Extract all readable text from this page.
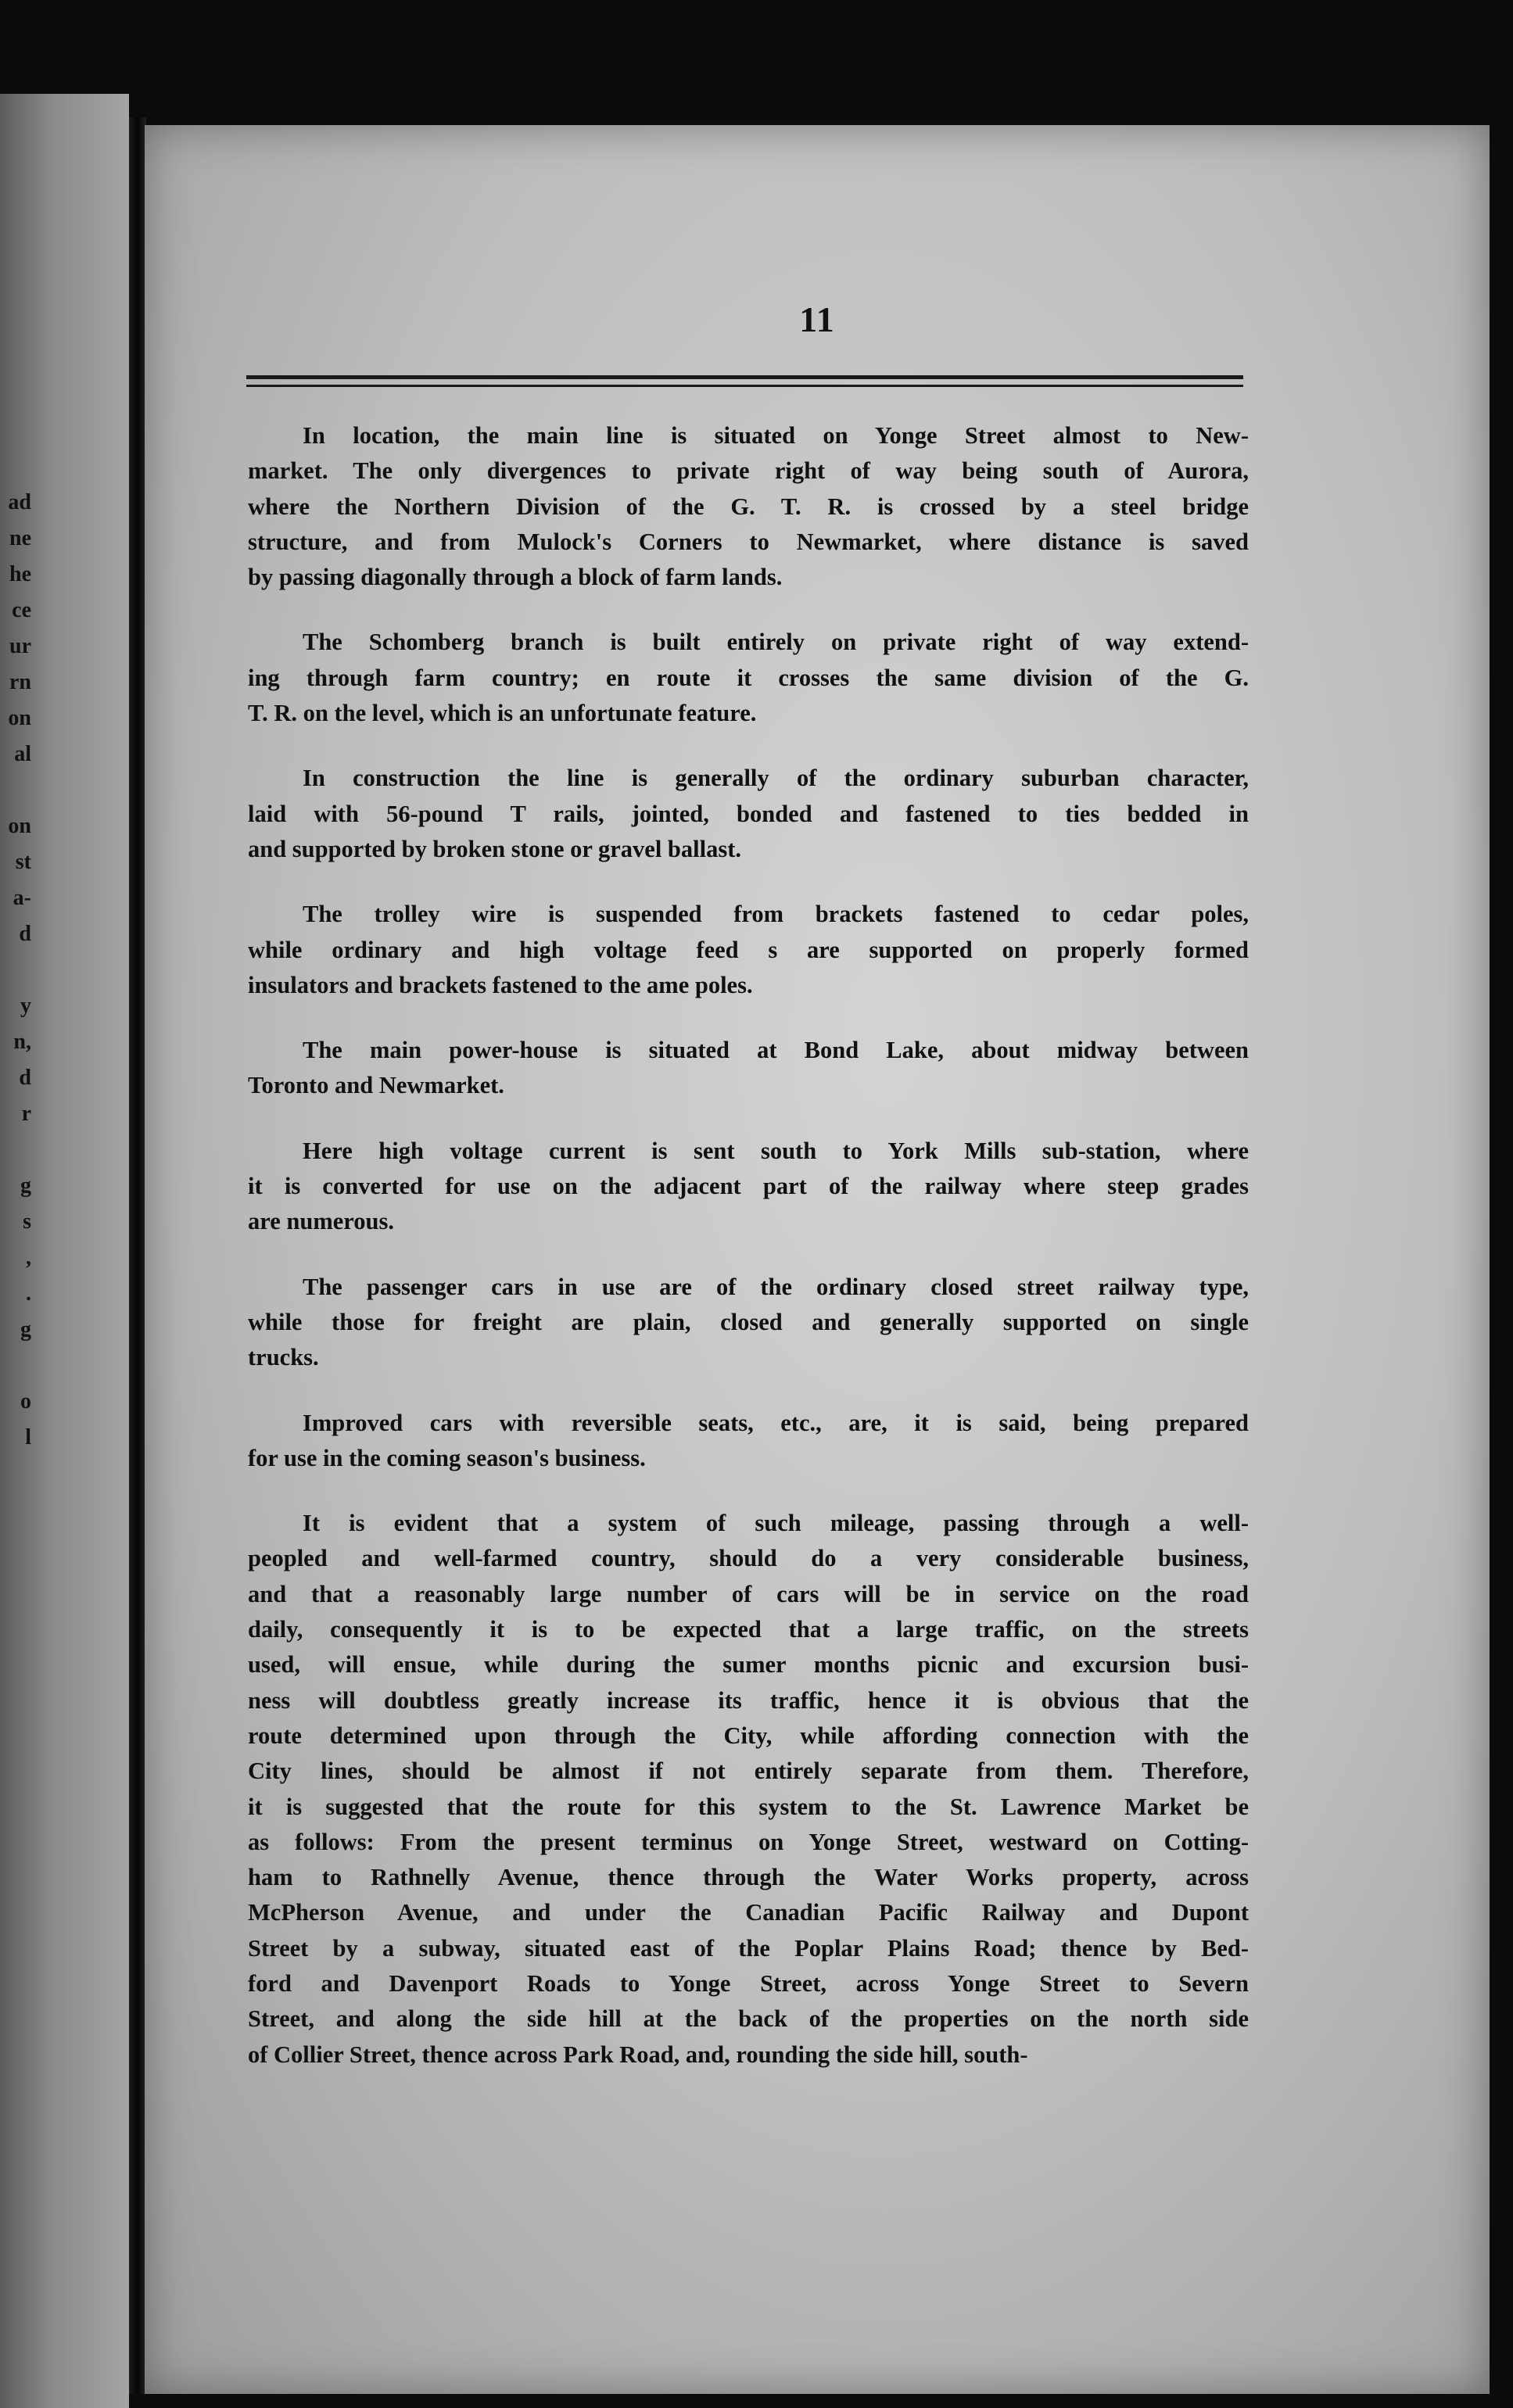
ad
ne
he
ce
ur
rn
on
al
on
st
a-
d
y
n,
d
r
g
s
,
.
g
o
l
11
In location, the main line is situated on Yonge Street almost to New-
market. The only divergences to private right of way being south of Aurora,
where the Northern Division of the G. T. R. is crossed by a steel bridge
structure, and from Mulock's Corners to Newmarket, where distance is saved
by passing diagonally through a block of farm lands.
The Schomberg branch is built entirely on private right of way extend-
ing through farm country; en route it crosses the same division of the G.
T. R. on the level, which is an unfortunate feature.
In construction the line is generally of the ordinary suburban character,
laid with 56-pound T rails, jointed, bonded and fastened to ties bedded in
and supported by broken stone or gravel ballast.
The trolley wire is suspended from brackets fastened to cedar poles,
while ordinary and high voltage feed s are supported on properly formed
insulators and brackets fastened to the ame poles.
The main power-house is situated at Bond Lake, about midway between
Toronto and Newmarket.
Here high voltage current is sent south to York Mills sub-station, where
it is converted for use on the adjacent part of the railway where steep grades
are numerous.
The passenger cars in use are of the ordinary closed street railway type,
while those for freight are plain, closed and generally supported on single
trucks.
Improved cars with reversible seats, etc., are, it is said, being prepared
for use in the coming season's business.
It is evident that a system of such mileage, passing through a well-
peopled and well-farmed country, should do a very considerable business,
and that a reasonably large number of cars will be in service on the road
daily, consequently it is to be expected that a large traffic, on the streets
used, will ensue, while during the sumer months picnic and excursion busi-
ness will doubtless greatly increase its traffic, hence it is obvious that the
route determined upon through the City, while affording connection with the
City lines, should be almost if not entirely separate from them. Therefore,
it is suggested that the route for this system to the St. Lawrence Market be
as follows: From the present terminus on Yonge Street, westward on Cotting-
ham to Rathnelly Avenue, thence through the Water Works property, across
McPherson Avenue, and under the Canadian Pacific Railway and Dupont
Street by a subway, situated east of the Poplar Plains Road; thence by Bed-
ford and Davenport Roads to Yonge Street, across Yonge Street to Severn
Street, and along the side hill at the back of the properties on the north side
of Collier Street, thence across Park Road, and, rounding the side hill, south-
